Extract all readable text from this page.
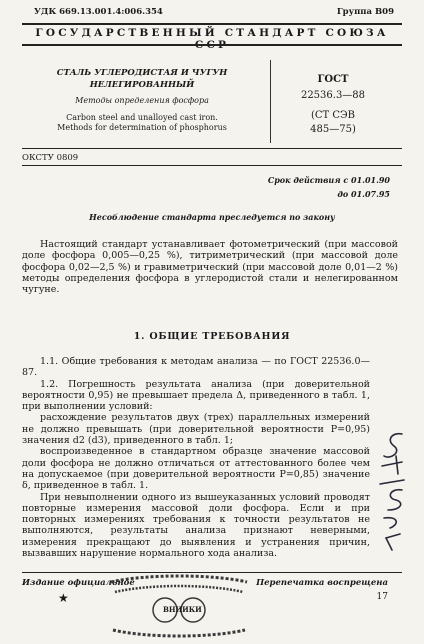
УДК 669.13.001.4:006.354	Группа В09
ГОСУДАРСТВЕННЫЙ СТАНДАРТ СОЮЗА ССР
СТАЛЬ УГЛЕРОДИСТАЯ И ЧУГУН
НЕЛЕГИРОВАННЫЙ
Методы определения фосфора
Carbon steel and unalloyed cast iron.
Methods for determination of phosphorus
ГОСТ
22536.3—88
(СТ СЭВ
485—75)
ОКСТУ 0809
Срок действия с 01.01.90
до 01.07.95
Несоблюдение стандарта преследуется по закону

Настоящий стандарт устанавливает фотометрический (при массовой доле фосфора 0,005—0,25 %), титриметрический (при массовой доле фосфора 0,02—2,5 %) и гравиметрический (при массовой доле 0,01—2 %) методы определения фосфора в углеродистой стали и нелегированном чугуне.

1. ОБЩИЕ ТРЕБОВАНИЯ

1.1. Общие требования к методам анализа — по ГОСТ 22536.0—87.

1.2. Погрешность результата анализа (при доверительной вероятности 0,95) не превышает предела Δ, приведенного в табл. 1, при выполнении условий:

расхождение результатов двух (трех) параллельных измерений не должно превышать (при доверительной вероятности P=0,95) значения d2 (d3), приведенного в табл. 1;

воспроизведенное в стандартном образце значение массовой доли фосфора не должно отличаться от аттестованного более чем на допускаемое (при доверительной вероятности P=0,85) значение δ, приведенное в табл. 1.

При невыполнении одного из вышеуказанных условий проводят повторные измерения массовой доли фосфора. Если и при повторных измерениях требования к точности результатов не выполняются, результаты анализа признают неверными, измерения прекращают до выявления и устранения причин, вызвавших нарушение нормального хода анализа.

Издание официальное	Перепечатка воспрещена
★	17
ВНИИКИ
